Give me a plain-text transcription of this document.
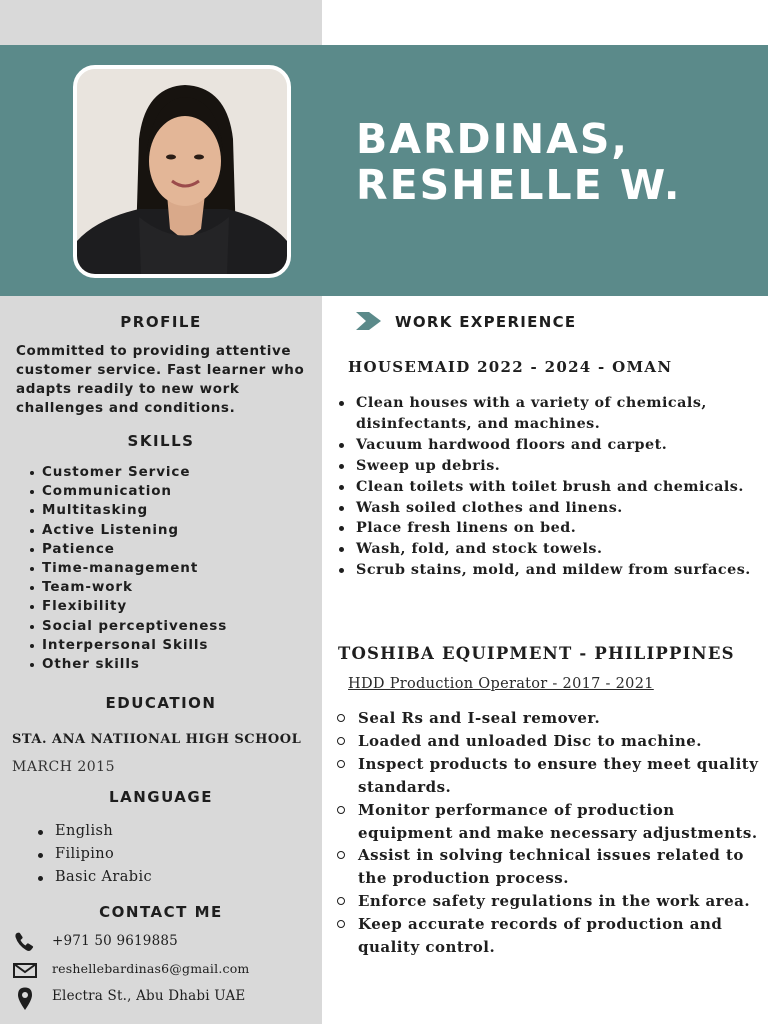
BARDINAS,
RESHELLE W.
PROFILE

Committed to providing attentive customer service. Fast learner who adapts readily to new work challenges and conditions.

SKILLS
Customer Service
Communication
Multitasking
Active Listening
Patience
Time-management
Team-work
Flexibility
Social perceptiveness
Interpersonal Skills
Other skills
EDUCATION
STA. ANA NATIIONAL HIGH SCHOOL
MARCH 2015
LANGUAGE
English
Filipino
Basic Arabic
CONTACT ME
+971 50 9619885
reshellebardinas6@gmail.com
Electra St., Abu Dhabi UAE
WORK EXPERIENCE
HOUSEMAID 2022 - 2024 - OMAN
Clean houses with a variety of chemicals, disinfectants, and machines.
Vacuum hardwood floors and carpet.
Sweep up debris.
Clean toilets with toilet brush and chemicals.
Wash soiled clothes and linens.
Place fresh linens on bed.
Wash, fold, and stock towels.
Scrub stains, mold, and mildew from surfaces.
TOSHIBA EQUIPMENT - PHILIPPINES
HDD Production Operator - 2017 - 2021
Seal Rs and I-seal remover.
Loaded and unloaded Disc to machine.
Inspect products to ensure they meet quality standards.
Monitor performance of production equipment and make necessary adjustments.
Assist in solving technical issues related to the production process.
Enforce safety regulations in the work area.
Keep accurate records of production and quality control.
